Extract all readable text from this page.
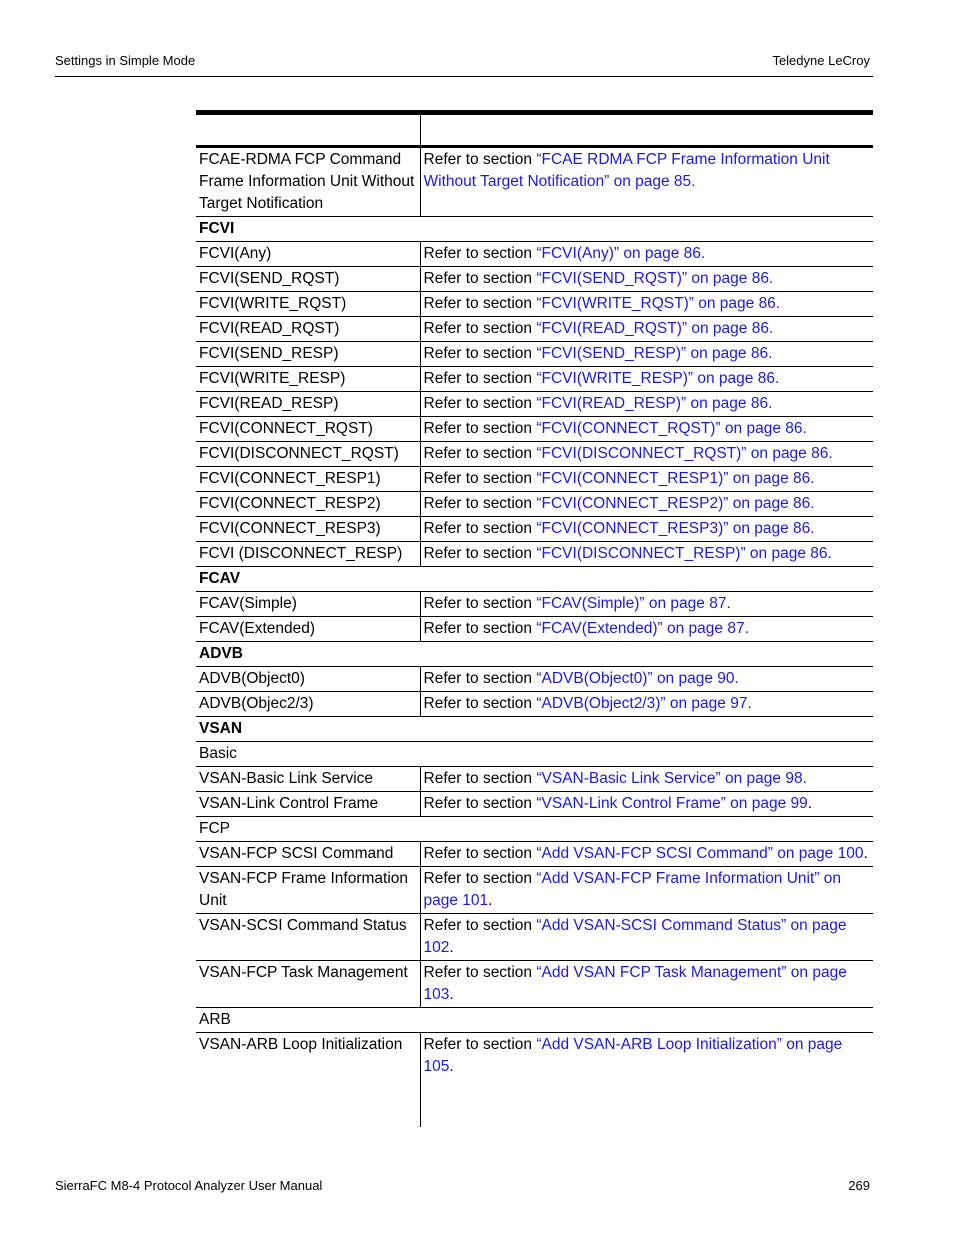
Settings in Simple Mode	Teledyne LeCroy

FCAE-RDMA FCP Command Frame Information Unit Without Target Notification	Refer to section “FCAE RDMA FCP Frame Information Unit Without Target Notification” on page 85.
FCVI	
FCVI(Any)	Refer to section “FCVI(Any)” on page 86.
FCVI(SEND_RQST)	Refer to section “FCVI(SEND_RQST)” on page 86.
FCVI(WRITE_RQST)	Refer to section “FCVI(WRITE_RQST)” on page 86.
FCVI(READ_RQST)	Refer to section “FCVI(READ_RQST)” on page 86.
FCVI(SEND_RESP)	Refer to section “FCVI(SEND_RESP)” on page 86.
FCVI(WRITE_RESP)	Refer to section “FCVI(WRITE_RESP)” on page 86.
FCVI(READ_RESP)	Refer to section “FCVI(READ_RESP)” on page 86.
FCVI(CONNECT_RQST)	Refer to section “FCVI(CONNECT_RQST)” on page 86.
FCVI(DISCONNECT_RQST)	Refer to section “FCVI(DISCONNECT_RQST)” on page 86.
FCVI(CONNECT_RESP1)	Refer to section “FCVI(CONNECT_RESP1)” on page 86.
FCVI(CONNECT_RESP2)	Refer to section “FCVI(CONNECT_RESP2)” on page 86.
FCVI(CONNECT_RESP3)	Refer to section “FCVI(CONNECT_RESP3)” on page 86.
FCVI (DISCONNECT_RESP)	Refer to section “FCVI(DISCONNECT_RESP)” on page 86.
FCAV	
FCAV(Simple)	Refer to section “FCAV(Simple)” on page 87.
FCAV(Extended)	Refer to section “FCAV(Extended)” on page 87.
ADVB	
ADVB(Object0)	Refer to section “ADVB(Object0)” on page 90.
ADVB(Objec2/3)	Refer to section “ADVB(Object2/3)” on page 97.
VSAN	
Basic	
VSAN-Basic Link Service	Refer to section “VSAN-Basic Link Service” on page 98.
VSAN-Link Control Frame	Refer to section “VSAN-Link Control Frame” on page 99.
FCP	
VSAN-FCP SCSI Command	Refer to section “Add VSAN-FCP SCSI Command” on page 100.
VSAN-FCP Frame Information Unit	Refer to section “Add VSAN-FCP Frame Information Unit” on page 101.
VSAN-SCSI Command Status	Refer to section “Add VSAN-SCSI Command Status” on page 102.
VSAN-FCP Task Management	Refer to section “Add VSAN FCP Task Management” on page 103.
ARB	
VSAN-ARB Loop Initialization	Refer to section “Add VSAN-ARB Loop Initialization” on page 105.
SierraFC M8-4 Protocol Analyzer User Manual	269
